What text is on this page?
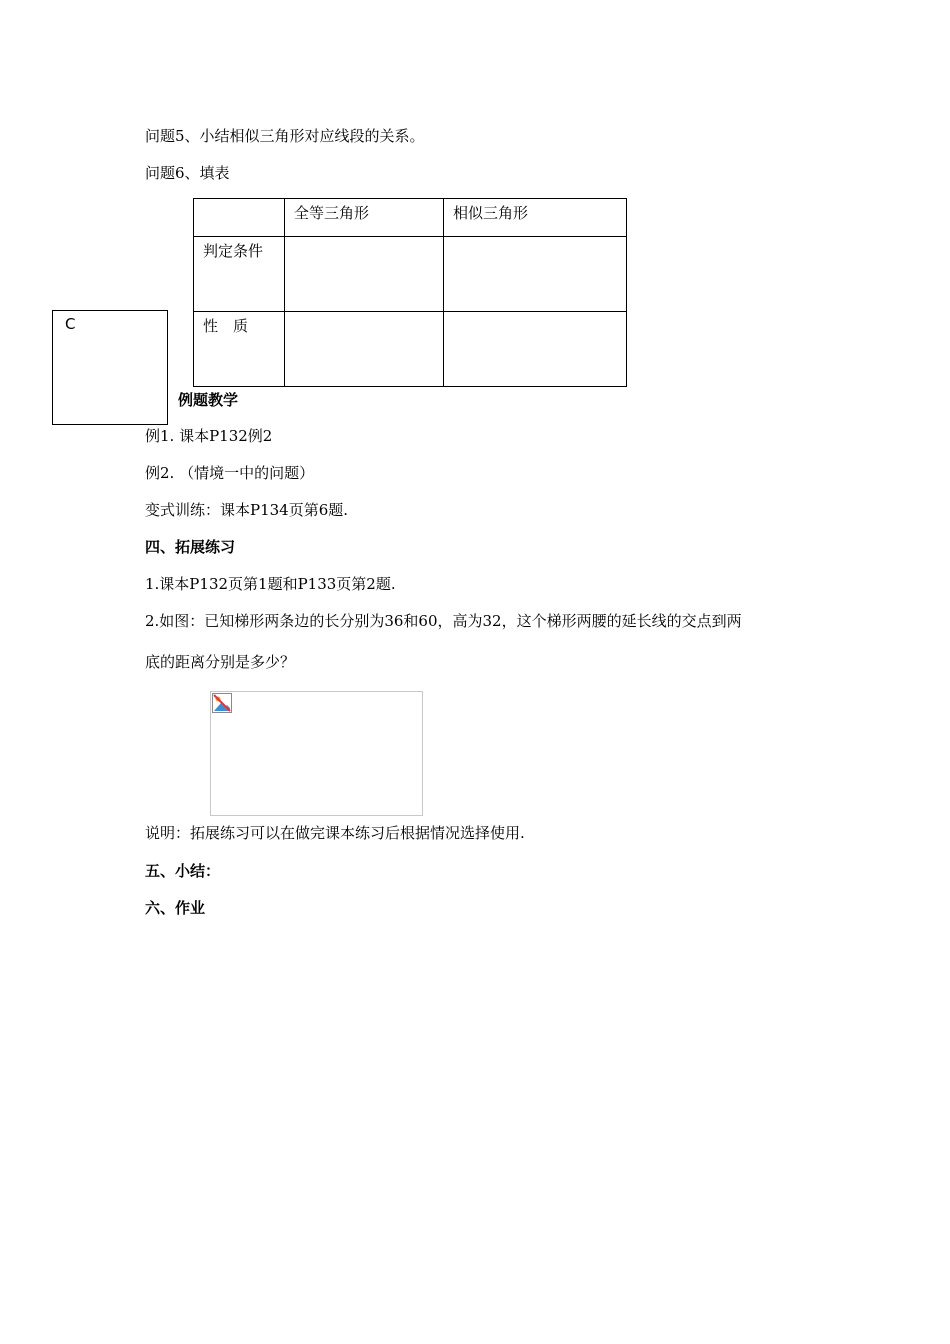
问题5、小结相似三角形对应线段的关系。
问题6、填表
	全等三角形	相似三角形
判定条件		
性　质		
C
例题教学
例1. 课本P132例2
例2. （情境一中的问题）
变式训练：课本P134页第6题.
四、拓展练习
1.课本P132页第1题和P133页第2题.
2.如图：已知梯形两条边的长分别为36和60，高为32，这个梯形两腰的延长线的交点到两
底的距离分别是多少？
说明：拓展练习可以在做完课本练习后根据情况选择使用.
五、小结：
六、作业
